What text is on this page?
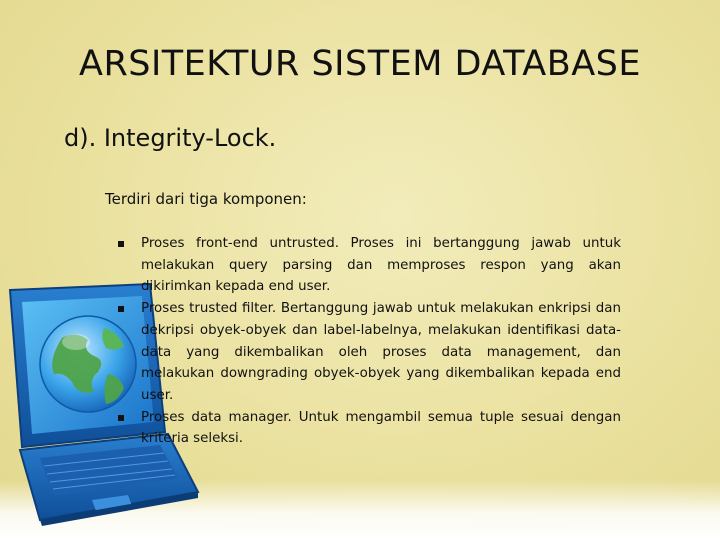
ARSITEKTUR SISTEM DATABASE
d). Integrity-Lock.

Terdiri dari tiga komponen:

Proses front-end untrusted. Proses ini bertanggung jawab untuk melakukan query parsing dan memproses respon yang akan dikirimkan kepada end user.
Proses trusted filter. Bertanggung jawab untuk melakukan enkripsi dan dekripsi obyek-obyek dan label-labelnya, melakukan identifikasi data-data yang dikembalikan oleh proses data management, dan melakukan downgrading obyek-obyek yang dikembalikan kepada end user.
Proses data manager. Untuk mengambil semua tuple sesuai dengan kriteria seleksi.
